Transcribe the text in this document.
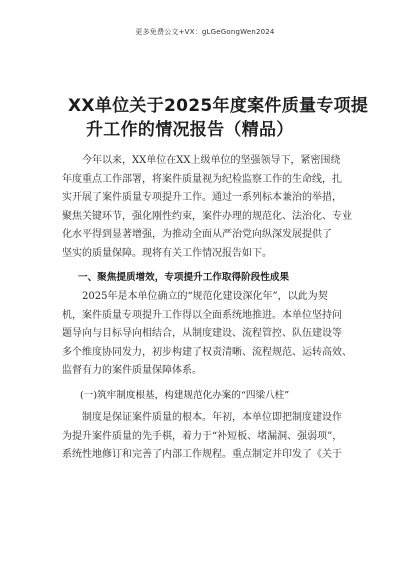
更多免费公文+VX：gLGeGongWen2024
XX单位关于2025年度案件质量专项提
升工作的情况报告（精品）
今年以来，XX单位在XX上级单位的坚强领导下，紧密围绕
年度重点工作部署，将案件质量视为纪检监察工作的生命线，扎
实开展了案件质量专项提升工作。通过一系列标本兼治的举措，
聚焦关键环节，强化刚性约束，案件办理的规范化、法治化、专业
化水平得到显著增强，为推动全面从严治党向纵深发展提供了
坚实的质量保障。现将有关工作情况报告如下。
一、聚焦提质增效，专项提升工作取得阶段性成果
2025年是本单位确立的“规范化建设深化年”，以此为契
机，案件质量专项提升工作得以全面系统地推进。本单位坚持问
题导向与目标导向相结合，从制度建设、流程管控、队伍建设等
多个维度协同发力，初步构建了权责清晰、流程规范、运转高效、
监督有力的案件质量保障体系。
(一)筑牢制度根基，构建规范化办案的“四梁八柱”
制度是保证案件质量的根本。年初，本单位即把制度建设作
为提升案件质量的先手棋，着力于“补短板、堵漏洞、强弱项”，
系统性地修订和完善了内部工作规程。重点制定并印发了《关于
